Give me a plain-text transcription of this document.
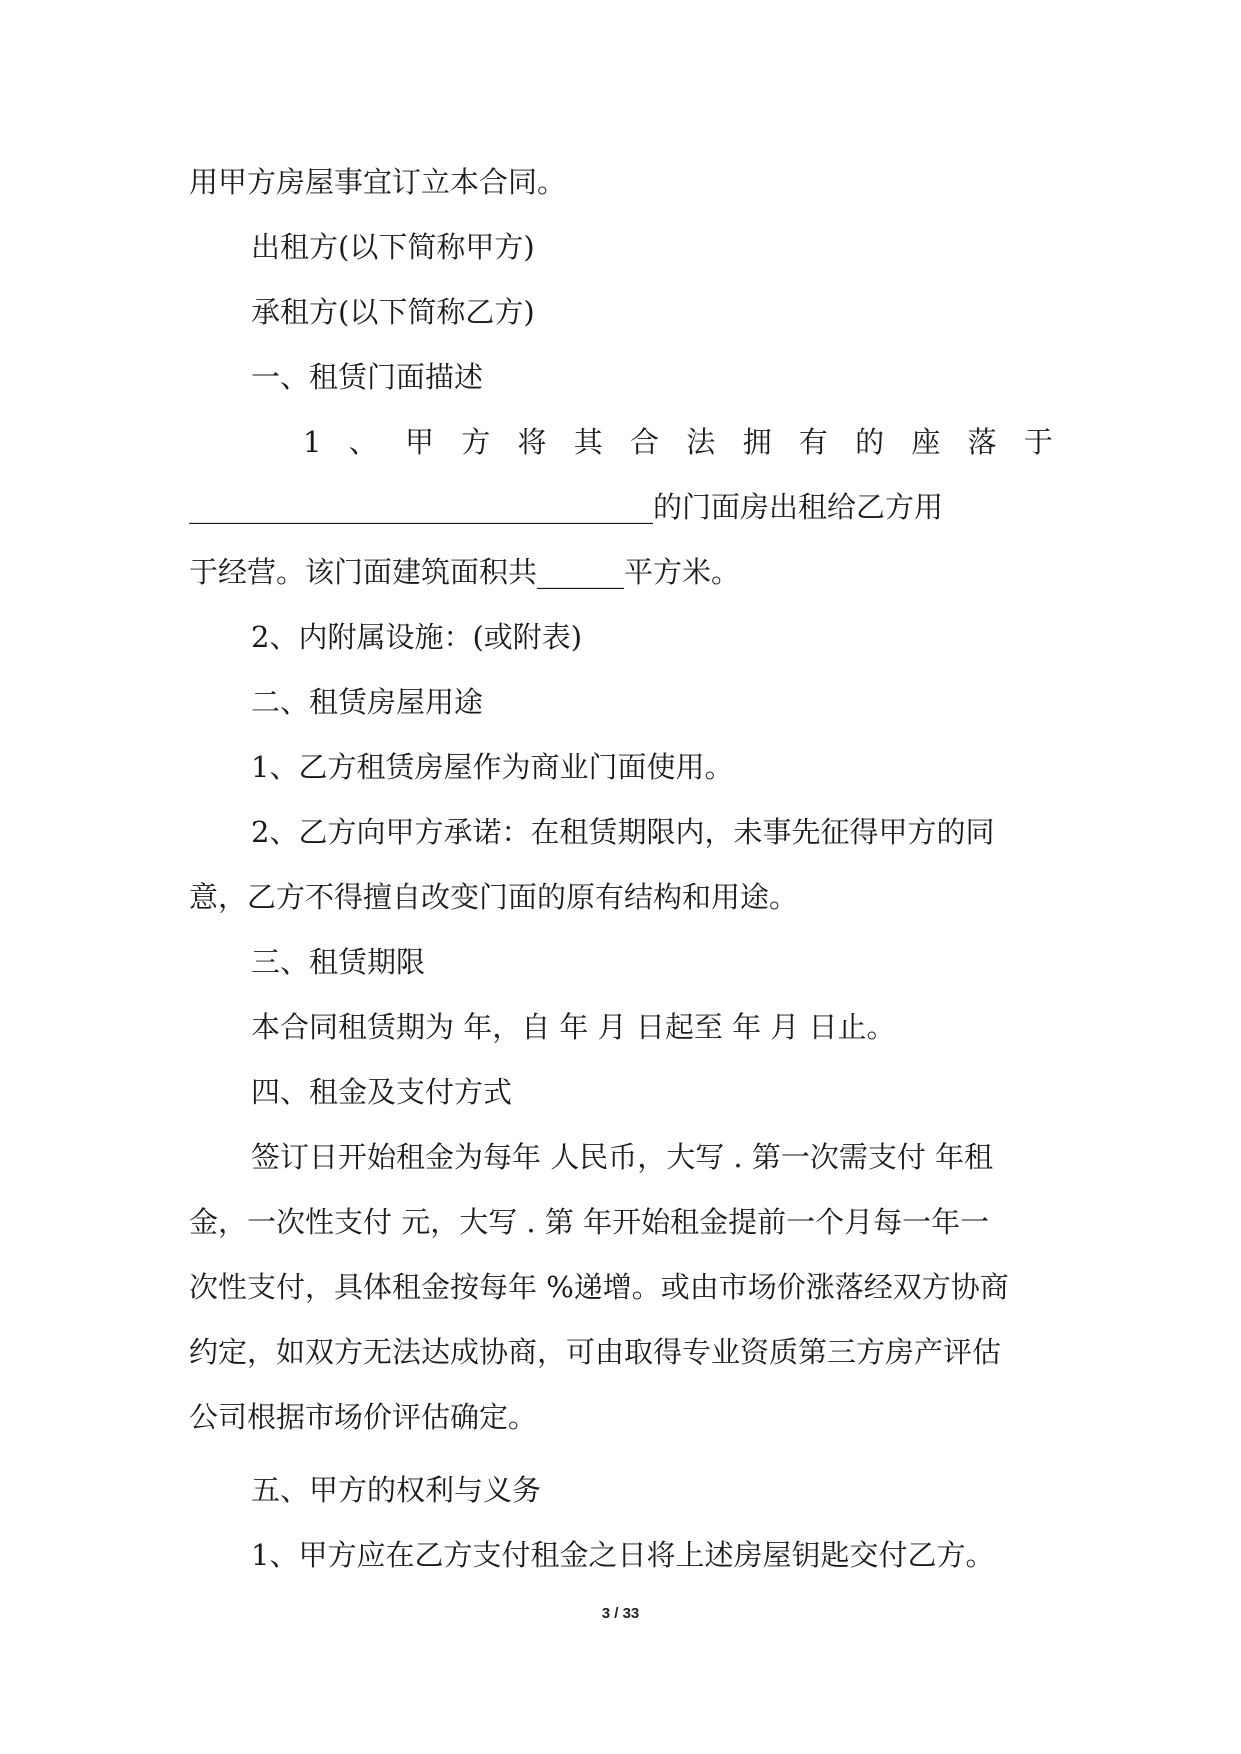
用甲方房屋事宜订立本合同。
出租方(以下简称甲方)
承租方(以下简称乙方)
一、租赁门面描述
1 、 甲 方 将 其 合 法 拥 有 的 座 落 于
________________________________的门面房出租给乙方用
于经营。该门面建筑面积共______平方米。
2、内附属设施：(或附表)
二、租赁房屋用途
1、乙方租赁房屋作为商业门面使用。
2、乙方向甲方承诺：在租赁期限内，未事先征得甲方的同
意，乙方不得擅自改变门面的原有结构和用途。
三、租赁期限
本合同租赁期为 年，自 年 月 日起至 年 月 日止。
四、租金及支付方式
签订日开始租金为每年 人民币，大写 . 第一次需支付 年租
金，一次性支付 元，大写 . 第 年开始租金提前一个月每一年一
次性支付，具体租金按每年 %递增。或由市场价涨落经双方协商
约定，如双方无法达成协商，可由取得专业资质第三方房产评估
公司根据市场价评估确定。
五、甲方的权利与义务
1、甲方应在乙方支付租金之日将上述房屋钥匙交付乙方。
3 / 33
